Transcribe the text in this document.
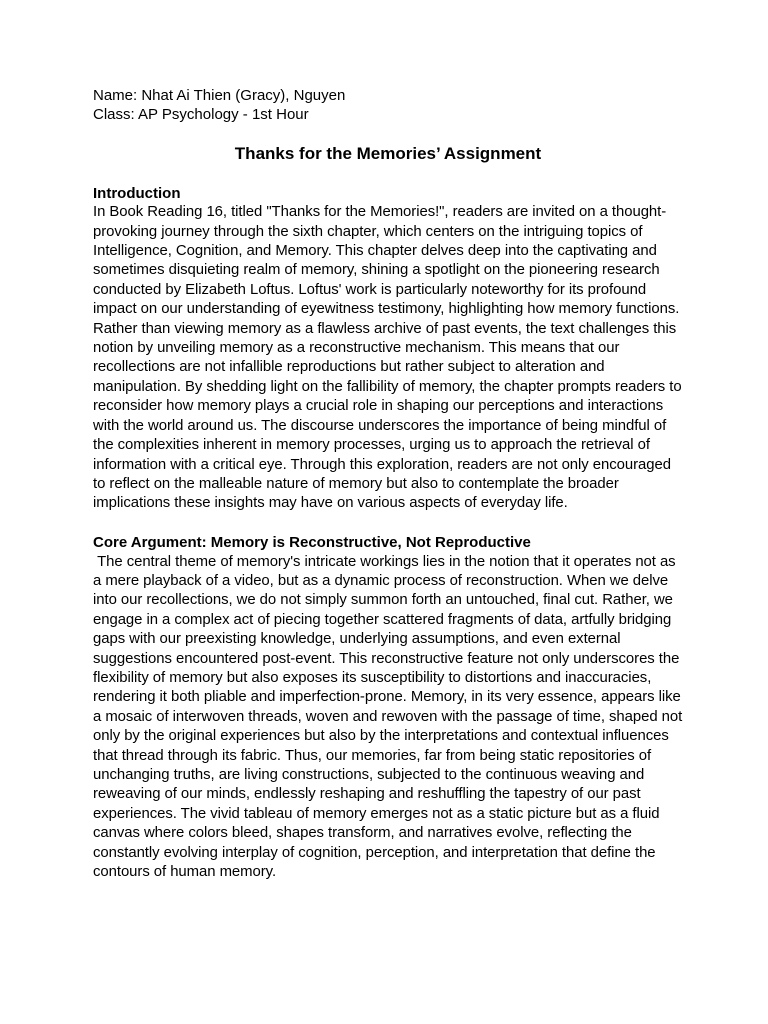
Name: Nhat Ai Thien (Gracy), Nguyen

Class: AP Psychology - 1st Hour

Thanks for the Memories’ Assignment
Introduction

In Book Reading 16, titled "Thanks for the Memories!", readers are invited on a thought-provoking journey through the sixth chapter, which centers on the intriguing topics of Intelligence, Cognition, and Memory. This chapter delves deep into the captivating and sometimes disquieting realm of memory, shining a spotlight on the pioneering research conducted by Elizabeth Loftus. Loftus' work is particularly noteworthy for its profound impact on our understanding of eyewitness testimony, highlighting how memory functions. Rather than viewing memory as a flawless archive of past events, the text challenges this notion by unveiling memory as a reconstructive mechanism. This means that our recollections are not infallible reproductions but rather subject to alteration and manipulation. By shedding light on the fallibility of memory, the chapter prompts readers to reconsider how memory plays a crucial role in shaping our perceptions and interactions with the world around us. The discourse underscores the importance of being mindful of the complexities inherent in memory processes, urging us to approach the retrieval of information with a critical eye. Through this exploration, readers are not only encouraged to reflect on the malleable nature of memory but also to contemplate the broader implications these insights may have on various aspects of everyday life.

Core Argument: Memory is Reconstructive, Not Reproductive

The central theme of memory's intricate workings lies in the notion that it operates not as a mere playback of a video, but as a dynamic process of reconstruction. When we delve into our recollections, we do not simply summon forth an untouched, final cut. Rather, we engage in a complex act of piecing together scattered fragments of data, artfully bridging gaps with our preexisting knowledge, underlying assumptions, and even external suggestions encountered post-event. This reconstructive feature not only underscores the flexibility of memory but also exposes its susceptibility to distortions and inaccuracies, rendering it both pliable and imperfection-prone. Memory, in its very essence, appears like a mosaic of interwoven threads, woven and rewoven with the passage of time, shaped not only by the original experiences but also by the interpretations and contextual influences that thread through its fabric. Thus, our memories, far from being static repositories of unchanging truths, are living constructions, subjected to the continuous weaving and reweaving of our minds, endlessly reshaping and reshuffling the tapestry of our past experiences. The vivid tableau of memory emerges not as a static picture but as a fluid canvas where colors bleed, shapes transform, and narratives evolve, reflecting the constantly evolving interplay of cognition, perception, and interpretation that define the contours of human memory.
